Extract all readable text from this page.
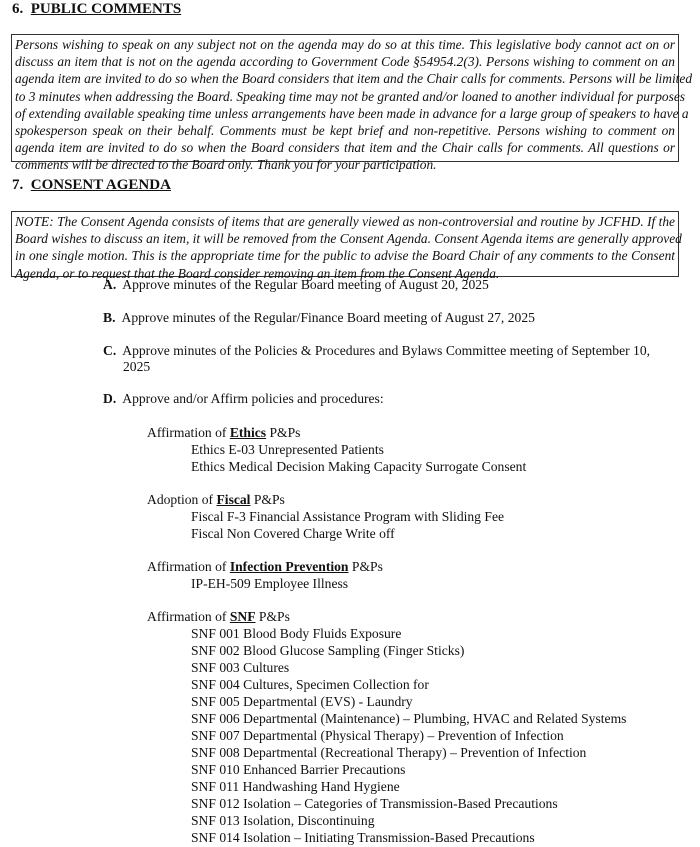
6. PUBLIC COMMENTS
Persons wishing to speak on any subject not on the agenda may do so at this time. This legislative body cannot act on or
discuss an item that is not on the agenda according to Government Code §54954.2(3). Persons wishing to comment on an
agenda item are invited to do so when the Board considers that item and the Chair calls for comments. Persons will be limited
to 3 minutes when addressing the Board. Speaking time may not be granted and/or loaned to another individual for purposes
of extending available speaking time unless arrangements have been made in advance for a large group of speakers to have a
spokesperson speak on their behalf. Comments must be kept brief and non-repetitive. Persons wishing to comment on
agenda item are invited to do so when the Board considers that item and the Chair calls for comments. All questions or
comments will be directed to the Board only. Thank you for your participation.
7. CONSENT AGENDA
NOTE: The Consent Agenda consists of items that are generally viewed as non-controversial and routine by JCFHD. If the
Board wishes to discuss an item, it will be removed from the Consent Agenda. Consent Agenda items are generally approved
in one single motion. This is the appropriate time for the public to advise the Board Chair of any comments to the Consent
Agenda, or to request that the Board consider removing an item from the Consent Agenda.
A. Approve minutes of the Regular Board meeting of August 20, 2025
B. Approve minutes of the Regular/Finance Board meeting of August 27, 2025
C. Approve minutes of the Policies & Procedures and Bylaws Committee meeting of September 10,
2025
D. Approve and/or Affirm policies and procedures:
Affirmation of Ethics P&Ps
Ethics E-03 Unrepresented Patients
Ethics Medical Decision Making Capacity Surrogate Consent
Adoption of Fiscal P&Ps
Fiscal F-3 Financial Assistance Program with Sliding Fee
Fiscal Non Covered Charge Write off
Affirmation of Infection Prevention P&Ps
IP-EH-509 Employee Illness
Affirmation of SNF P&Ps
SNF 001 Blood Body Fluids Exposure
SNF 002 Blood Glucose Sampling (Finger Sticks)
SNF 003 Cultures
SNF 004 Cultures, Specimen Collection for
SNF 005 Departmental (EVS) - Laundry
SNF 006 Departmental (Maintenance) – Plumbing, HVAC and Related Systems
SNF 007 Departmental (Physical Therapy) – Prevention of Infection
SNF 008 Departmental (Recreational Therapy) – Prevention of Infection
SNF 010 Enhanced Barrier Precautions
SNF 011 Handwashing Hand Hygiene
SNF 012 Isolation – Categories of Transmission-Based Precautions
SNF 013 Isolation, Discontinuing
SNF 014 Isolation – Initiating Transmission-Based Precautions
